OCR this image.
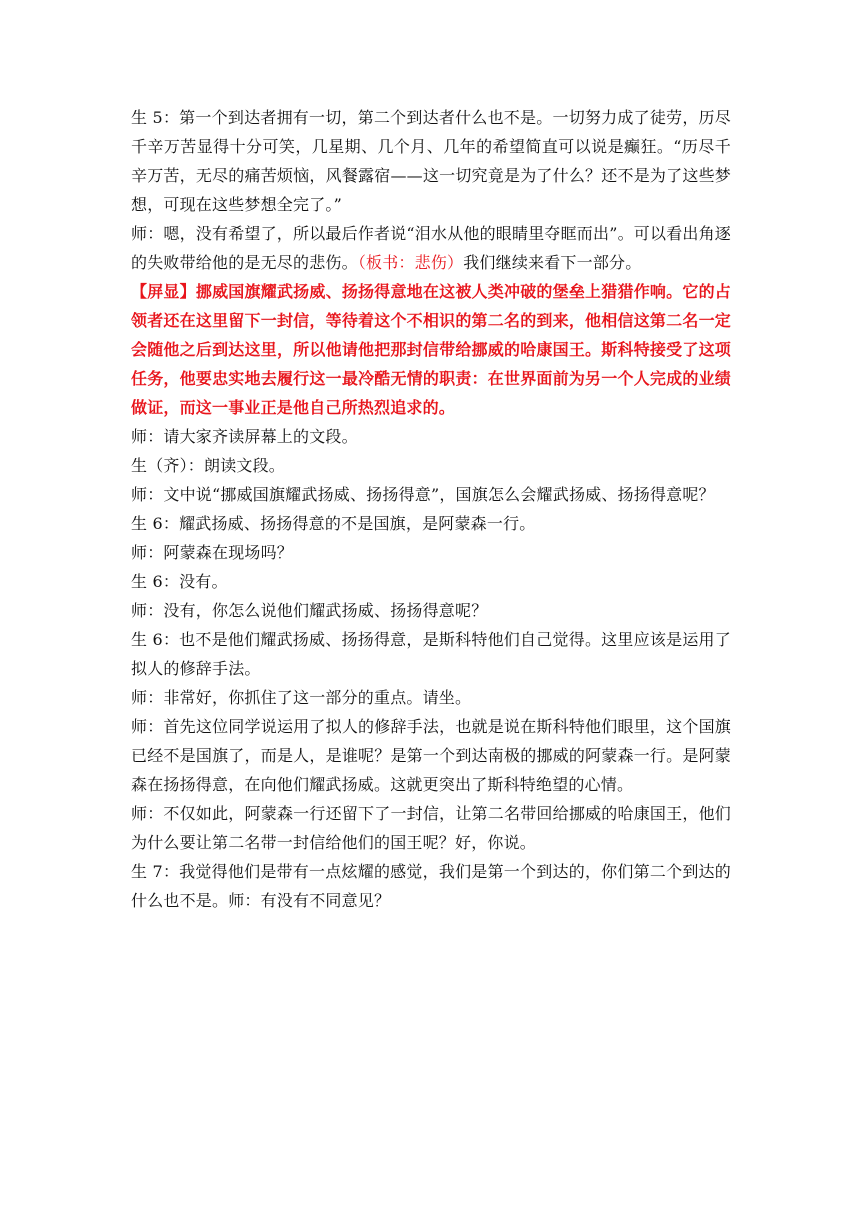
生 5：第一个到达者拥有一切，第二个到达者什么也不是。一切努力成了徒劳，历尽千辛万苦显得十分可笑，几星期、几个月、几年的希望简直可以说是癫狂。“历尽千辛万苦，无尽的痛苦烦恼，风餐露宿——这一切究竟是为了什么？还不是为了这些梦想，可现在这些梦想全完了。”

师：嗯，没有希望了，所以最后作者说“泪水从他的眼睛里夺眶而出”。可以看出角逐的失败带给他的是无尽的悲伤。（板书：悲伤）我们继续来看下一部分。

【屏显】挪威国旗耀武扬威、扬扬得意地在这被人类冲破的堡垒上猎猎作响。它的占领者还在这里留下一封信，等待着这个不相识的第二名的到来，他相信这第二名一定会随他之后到达这里，所以他请他把那封信带给挪威的哈康国王。斯科特接受了这项任务，他要忠实地去履行这一最冷酷无情的职责：在世界面前为另一个人完成的业绩做证，而这一事业正是他自己所热烈追求的。

师：请大家齐读屏幕上的文段。

生（齐）：朗读文段。

师：文中说“挪威国旗耀武扬威、扬扬得意”，国旗怎么会耀武扬威、扬扬得意呢？

生 6：耀武扬威、扬扬得意的不是国旗，是阿蒙森一行。

师：阿蒙森在现场吗？

生 6：没有。

师：没有，你怎么说他们耀武扬威、扬扬得意呢？

生 6：也不是他们耀武扬威、扬扬得意，是斯科特他们自己觉得。这里应该是运用了拟人的修辞手法。

师：非常好，你抓住了这一部分的重点。请坐。

师：首先这位同学说运用了拟人的修辞手法，也就是说在斯科特他们眼里，这个国旗已经不是国旗了，而是人，是谁呢？是第一个到达南极的挪威的阿蒙森一行。是阿蒙森在扬扬得意，在向他们耀武扬威。这就更突出了斯科特绝望的心情。

师：不仅如此，阿蒙森一行还留下了一封信，让第二名带回给挪威的哈康国王，他们为什么要让第二名带一封信给他们的国王呢？好，你说。

生 7：我觉得他们是带有一点炫耀的感觉，我们是第一个到达的，你们第二个到达的什么也不是。师：有没有不同意见？
